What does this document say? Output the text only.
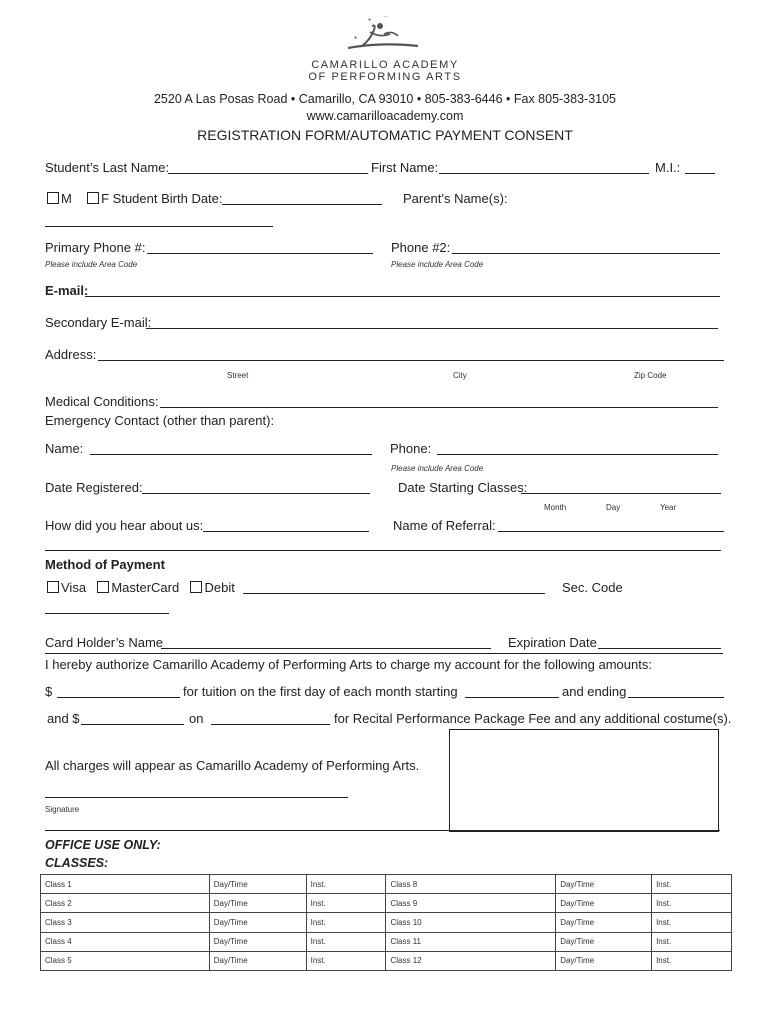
* *
*
CAMARILLO ACADEMY
OF PERFORMING ARTS
2520 A Las Posas Road • Camarillo, CA 93010 • 805-383-6446 • Fax 805-383-3105
www.camarilloacademy.com
REGISTRATION FORM/AUTOMATIC PAYMENT CONSENT
Student’s Last Name:	First Name:	M.I.:
M F Student Birth Date:	Parent’s Name(s):
Primary Phone #:	Phone #2:
Please include Area Code	Please include Area Code
E-mail:
Secondary E-mail:
Address:
Street	City	Zip Code
Medical Conditions:
Emergency Contact (other than parent):
Name:	Phone:
Please include Area Code
Date Registered:	Date Starting Classes:
Month	Day	Year
How did you hear about us:	Name of Referral:
Method of Payment
Visa MasterCard Debit	Sec. Code
Card Holder’s Name	Expiration Date
I hereby authorize Camarillo Academy of Performing Arts to charge my account for the following amounts:
$	for tuition on the first day of each month starting	and ending
and $	on	for Recital Performance Package Fee and any additional costume(s).
All charges will appear as Camarillo Academy of Performing Arts.
Signature
OFFICE USE ONLY:
CLASSES:
Class 1	Day/Time	Inst.	Class 8	Day/Time	Inst.
Class 2	Day/Time	Inst.	Class 9	Day/Time	Inst.
Class 3	Day/Time	Inst.	Class 10	Day/Time	Inst.
Class 4	Day/Time	Inst.	Class 11	Day/Time	Inst.
Class 5	Day/Time	Inst.	Class 12	Day/Time	Inst.
